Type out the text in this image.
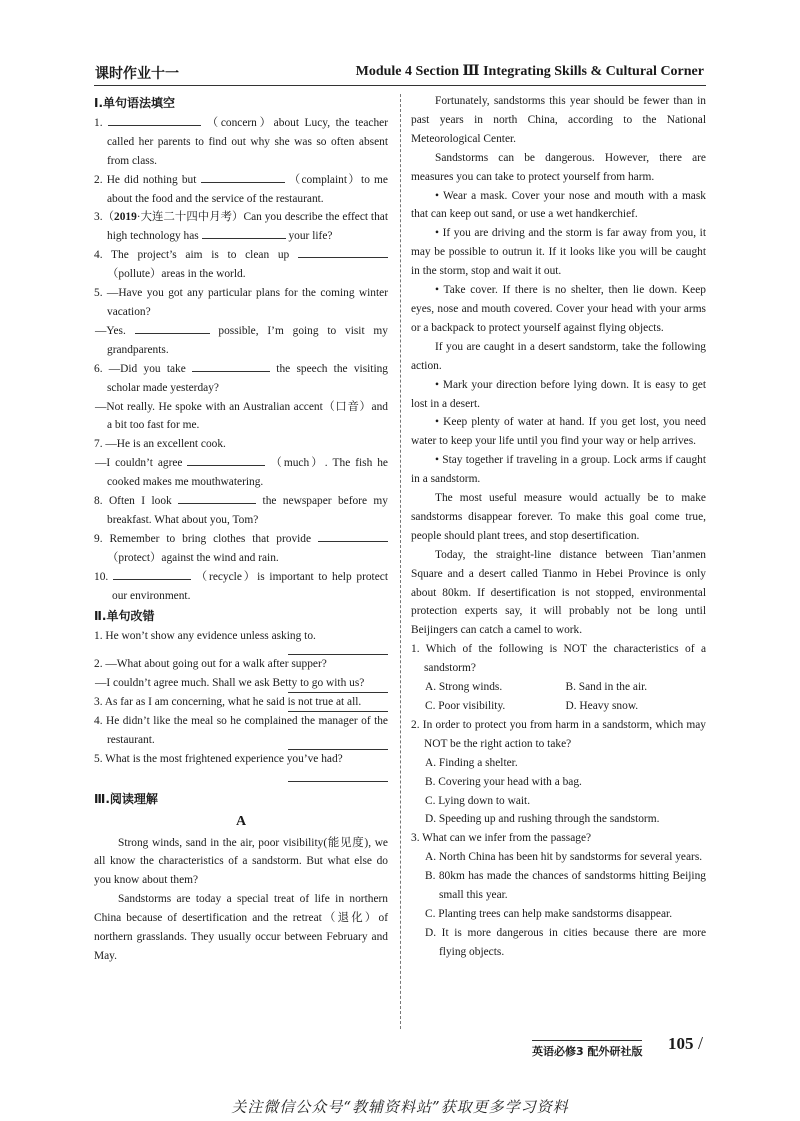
课时作业十一	Module 4 Section Ⅲ Integrating Skills & Cultural Corner
Ⅰ.单句语法填空
1.	（concern）about Lucy, the teacher called her parents to find out why she was so often absent from class.
2. He did nothing but	（complaint）to me about the food and the service of the restaurant.
3.（2019·大连二十四中月考）Can you describe the effect that high technology has	your life?
4. The project’s aim is to clean up  （pollute）areas in the world.
5. —Have you got any particular plans for the coming winter vacation?
—Yes.	possible, I’m going to visit my grandparents.
6. —Did you take	the speech the visiting scholar made yesterday?
—Not really. He spoke with an Australian accent（口音）and a bit too fast for me.
7. —He is an excellent cook.
—I couldn’t agree	（much）. The fish he cooked makes me mouthwatering.
8. Often I look	the newspaper before my breakfast. What about you, Tom?
9. Remember to bring clothes that provide  （protect）against the wind and rain.
10.	（recycle）is important to help protect our environment.
Ⅱ.单句改错
1. He won’t show any evidence unless asking to.
2. —What about going out for a walk after supper?
—I couldn’t agree much. Shall we ask Betty to go with us?
3. As far as I am concerning, what he said is not true at all.
4. He didn’t like the meal so he complained the manager of the restaurant.
5. What is the most frightened experience you’ve had?
Ⅲ.阅读理解
A
Strong winds, sand in the air, poor visibility(能见度), we all know the characteristics of a sandstorm. But what else do you know about them?
Sandstorms are today a special treat of life in northern China because of desertification and the retreat（退化）of northern grasslands. They usually occur between February and May.
Fortunately, sandstorms this year should be fewer than in past years in north China, according to the National Meteorological Center.
Sandstorms can be dangerous. However, there are measures you can take to protect yourself from harm.
• Wear a mask. Cover your nose and mouth with a mask that can keep out sand, or use a wet handkerchief.
• If you are driving and the storm is far away from you, it may be possible to outrun it. If it looks like you will be caught in the storm, stop and wait it out.
• Take cover. If there is no shelter, then lie down. Keep eyes, nose and mouth covered. Cover your head with your arms or a backpack to protect yourself against flying objects.
If you are caught in a desert sandstorm, take the following action.
• Mark your direction before lying down. It is easy to get lost in a desert.
• Keep plenty of water at hand. If you get lost, you need water to keep your life until you find your way or help arrives.
• Stay together if traveling in a group. Lock arms if caught in a sandstorm.
The most useful measure would actually be to make sandstorms disappear forever. To make this goal come true, people should plant trees, and stop desertification.
Today, the straight-line distance between Tian’anmen Square and a desert called Tianmo in Hebei Province is only about 80km. If desertification is not stopped, environmental protection experts say, it will probably not be long until Beijingers can catch a camel to work.
1. Which of the following is NOT the characteristics of a sandstorm?
A. Strong winds.	B. Sand in the air.
C. Poor visibility.	D. Heavy snow.
2. In order to protect you from harm in a sandstorm, which may NOT be the right action to take?
A. Finding a shelter.
B. Covering your head with a bag.
C. Lying down to wait.
D. Speeding up and rushing through the sandstorm.
3. What can we infer from the passage?
A. North China has been hit by sandstorms for several years.
B. 80km has made the chances of sandstorms hitting Beijing small this year.
C. Planting trees can help make sandstorms disappear.
D. It is more dangerous in cities because there are more flying objects.
英语必修3 配外研社版 105 /
关注微信公众号“教辅资料站”获取更多学习资料
